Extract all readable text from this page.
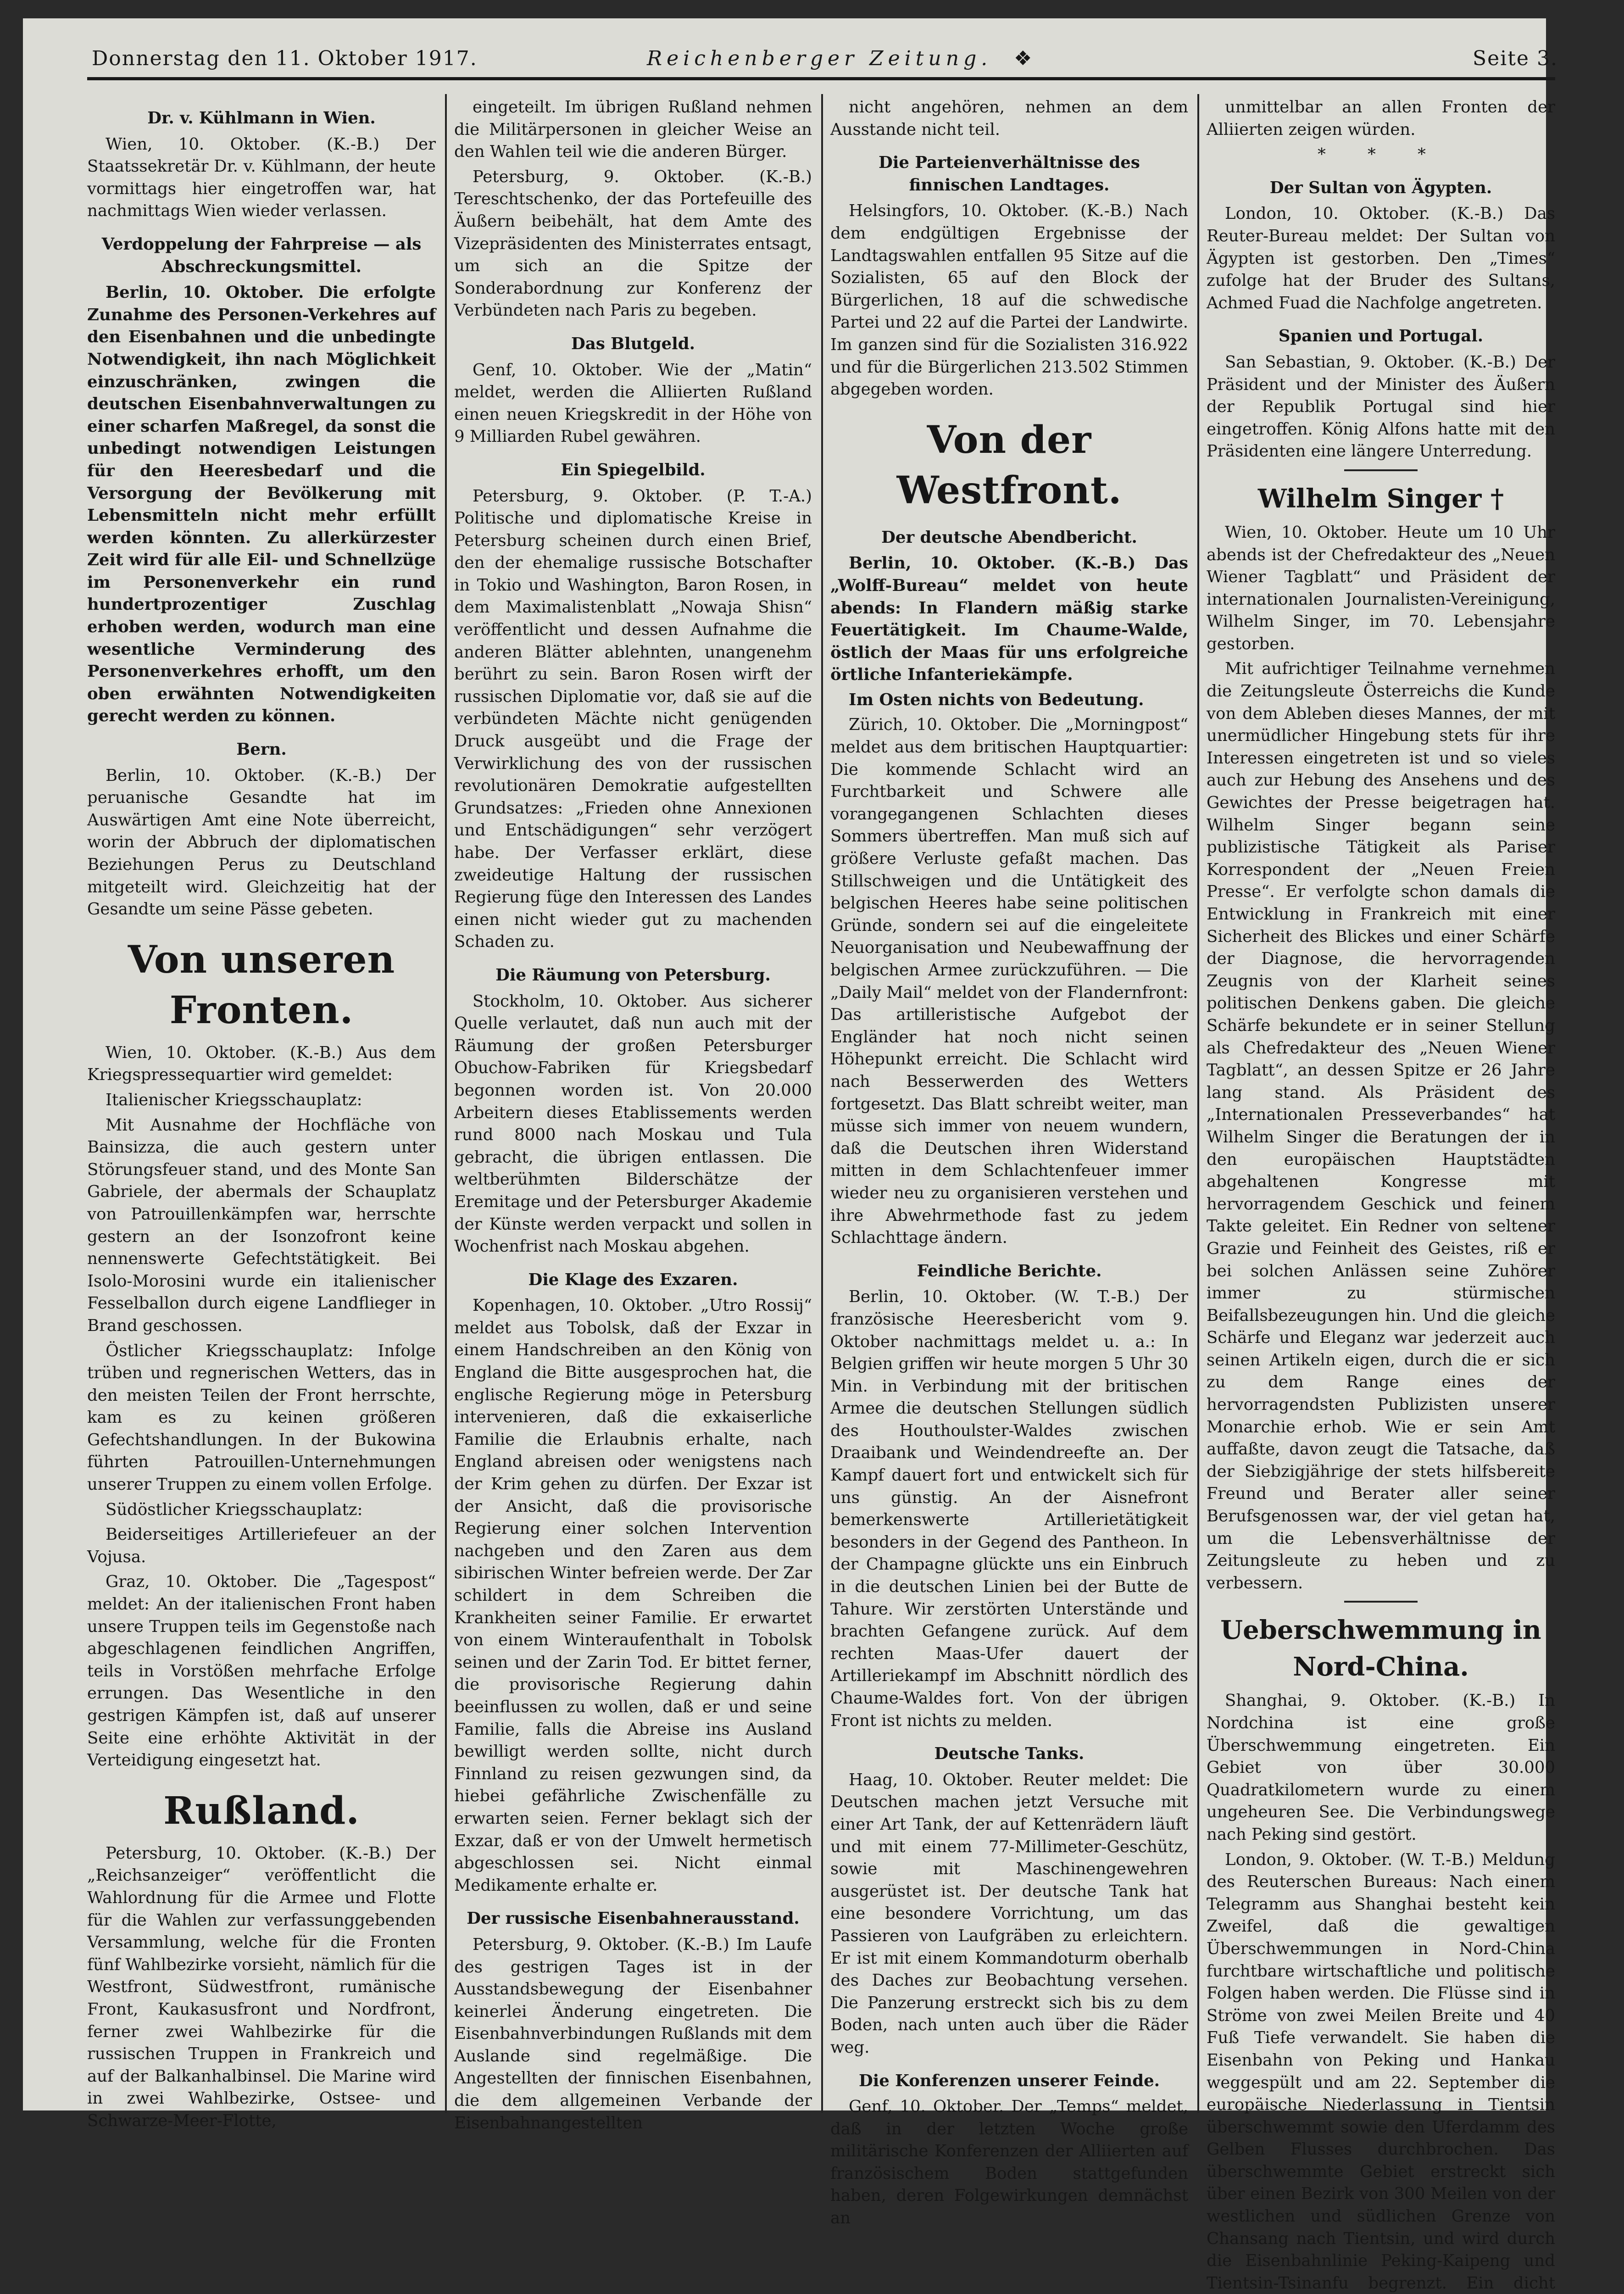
Donnerstag den 11. Oktober 1917.	Reichenberger Zeitung. ❖	Seite 3.
Dr. v. Kühlmann in Wien.

Wien, 10. Oktober. (K.-B.) Der Staatssekretär Dr. v. Kühlmann, der heute vormittags hier eingetroffen war, hat nachmittags Wien wieder verlassen.

Verdoppelung der Fahrpreise — als Abschreckungsmittel.

Berlin, 10. Oktober. Die erfolgte Zunahme des Personen-Verkehres auf den Eisenbahnen und die unbedingte Notwendigkeit, ihn nach Möglichkeit einzuschränken, zwingen die deutschen Eisenbahnverwaltungen zu einer scharfen Maßregel, da sonst die unbedingt notwendigen Leistungen für den Heeresbedarf und die Versorgung der Bevölkerung mit Lebensmitteln nicht mehr erfüllt werden könnten. Zu allerkürzester Zeit wird für alle Eil- und Schnellzüge im Personenverkehr ein rund hundertprozentiger Zuschlag erhoben werden, wodurch man eine wesentliche Verminderung des Personenverkehres erhofft, um den oben erwähnten Notwendigkeiten gerecht werden zu können.

Bern.

Berlin, 10. Oktober. (K.-B.) Der peruanische Gesandte hat im Auswärtigen Amt eine Note überreicht, worin der Abbruch der diplomatischen Beziehungen Perus zu Deutschland mitgeteilt wird. Gleichzeitig hat der Gesandte um seine Pässe gebeten.

Von unseren Fronten.

Wien, 10. Oktober. (K.-B.) Aus dem Kriegspressequartier wird gemeldet:

Italienischer Kriegsschauplatz:

Mit Ausnahme der Hochfläche von Bainsizza, die auch gestern unter Störungsfeuer stand, und des Monte San Gabriele, der abermals der Schauplatz von Patrouillenkämpfen war, herrschte gestern an der Isonzofront keine nennenswerte Gefechtstätigkeit. Bei Isolo-Morosini wurde ein italienischer Fesselballon durch eigene Landflieger in Brand geschossen.

Östlicher Kriegsschauplatz: Infolge trüben und regnerischen Wetters, das in den meisten Teilen der Front herrschte, kam es zu keinen größeren Gefechtshandlungen. In der Bukowina führten Patrouillen-Unternehmungen unserer Truppen zu einem vollen Erfolge.

Südöstlicher Kriegsschauplatz:

Beiderseitiges Artilleriefeuer an der Vojusa.

Graz, 10. Oktober. Die „Tagespost“ meldet: An der italienischen Front haben unsere Truppen teils im Gegenstoße nach abgeschlagenen feindlichen Angriffen, teils in Vorstößen mehrfache Erfolge errungen. Das Wesentliche in den gestrigen Kämpfen ist, daß auf unserer Seite eine erhöhte Aktivität in der Verteidigung eingesetzt hat.

Rußland.

Petersburg, 10. Oktober. (K.-B.) Der „Reichsanzeiger“ veröffentlicht die Wahlordnung für die Armee und Flotte für die Wahlen zur verfassunggebenden Versammlung, welche für die Fronten fünf Wahlbezirke vorsieht, nämlich für die Westfront, Südwestfront, rumänische Front, Kaukasusfront und Nordfront, ferner zwei Wahlbezirke für die russischen Truppen in Frankreich und auf der Balkanhalbinsel. Die Marine wird in zwei Wahlbezirke, Ostsee- und Schwarze-Meer-Flotte,

eingeteilt. Im übrigen Rußland nehmen die Militärpersonen in gleicher Weise an den Wahlen teil wie die anderen Bürger.

Petersburg, 9. Oktober. (K.-B.) Tereschtschenko, der das Portefeuille des Äußern beibehält, hat dem Amte des Vizepräsidenten des Ministerrates entsagt, um sich an die Spitze der Sonderabordnung zur Konferenz der Verbündeten nach Paris zu begeben.

Das Blutgeld.

Genf, 10. Oktober. Wie der „Matin“ meldet, werden die Alliierten Rußland einen neuen Kriegskredit in der Höhe von 9 Milliarden Rubel gewähren.

Ein Spiegelbild.

Petersburg, 9. Oktober. (P. T.-A.) Politische und diplomatische Kreise in Petersburg scheinen durch einen Brief, den der ehemalige russische Botschafter in Tokio und Washington, Baron Rosen, in dem Maximalistenblatt „Nowaja Shisn“ veröffentlicht und dessen Aufnahme die anderen Blätter ablehnten, unangenehm berührt zu sein. Baron Rosen wirft der russischen Diplomatie vor, daß sie auf die verbündeten Mächte nicht genügenden Druck ausgeübt und die Frage der Verwirklichung des von der russischen revolutionären Demokratie aufgestellten Grundsatzes: „Frieden ohne Annexionen und Entschädigungen“ sehr verzögert habe. Der Verfasser erklärt, diese zweideutige Haltung der russischen Regierung füge den Interessen des Landes einen nicht wieder gut zu machenden Schaden zu.

Die Räumung von Petersburg.

Stockholm, 10. Oktober. Aus sicherer Quelle verlautet, daß nun auch mit der Räumung der großen Petersburger Obuchow-Fabriken für Kriegsbedarf begonnen worden ist. Von 20.000 Arbeitern dieses Etablissements werden rund 8000 nach Moskau und Tula gebracht, die übrigen entlassen. Die weltberühmten Bilderschätze der Eremitage und der Petersburger Akademie der Künste werden verpackt und sollen in Wochenfrist nach Moskau abgehen.

Die Klage des Exzaren.

Kopenhagen, 10. Oktober. „Utro Rossij“ meldet aus Tobolsk, daß der Exzar in einem Handschreiben an den König von England die Bitte ausgesprochen hat, die englische Regierung möge in Petersburg intervenieren, daß die exkaiserliche Familie die Erlaubnis erhalte, nach England abreisen oder wenigstens nach der Krim gehen zu dürfen. Der Exzar ist der Ansicht, daß die provisorische Regierung einer solchen Intervention nachgeben und den Zaren aus dem sibirischen Winter befreien werde. Der Zar schildert in dem Schreiben die Krankheiten seiner Familie. Er erwartet von einem Winteraufenthalt in Tobolsk seinen und der Zarin Tod. Er bittet ferner, die provisorische Regierung dahin beeinflussen zu wollen, daß er und seine Familie, falls die Abreise ins Ausland bewilligt werden sollte, nicht durch Finnland zu reisen gezwungen sind, da hiebei gefährliche Zwischenfälle zu erwarten seien. Ferner beklagt sich der Exzar, daß er von der Umwelt hermetisch abgeschlossen sei. Nicht einmal Medikamente erhalte er.

Der russische Eisenbahnerausstand.

Petersburg, 9. Oktober. (K.-B.) Im Laufe des gestrigen Tages ist in der Ausstandsbewegung der Eisenbahner keinerlei Änderung eingetreten. Die Eisenbahnverbindungen Rußlands mit dem Auslande sind regelmäßige. Die Angestellten der finnischen Eisenbahnen, die dem allgemeinen Verbande der Eisenbahnangestellten

nicht angehören, nehmen an dem Ausstande nicht teil.

Die Parteienverhältnisse des finnischen Landtages.

Helsingfors, 10. Oktober. (K.-B.) Nach dem endgültigen Ergebnisse der Landtagswahlen entfallen 95 Sitze auf die Sozialisten, 65 auf den Block der Bürgerlichen, 18 auf die schwedische Partei und 22 auf die Partei der Landwirte. Im ganzen sind für die Sozialisten 316.922 und für die Bürgerlichen 213.502 Stimmen abgegeben worden.

Von der Westfront.
Der deutsche Abendbericht.

Berlin, 10. Oktober. (K.-B.) Das „Wolff-Bureau“ meldet von heute abends: In Flandern mäßig starke Feuertätigkeit. Im Chaume-Walde, östlich der Maas für uns erfolgreiche örtliche Infanteriekämpfe.

Im Osten nichts von Bedeutung.

Zürich, 10. Oktober. Die „Morningpost“ meldet aus dem britischen Hauptquartier: Die kommende Schlacht wird an Furchtbarkeit und Schwere alle vorangegangenen Schlachten dieses Sommers übertreffen. Man muß sich auf größere Verluste gefaßt machen. Das Stillschweigen und die Untätigkeit des belgischen Heeres habe seine politischen Gründe, sondern sei auf die eingeleitete Neuorganisation und Neubewaffnung der belgischen Armee zurückzuführen. — Die „Daily Mail“ meldet von der Flandernfront: Das artilleristische Aufgebot der Engländer hat noch nicht seinen Höhepunkt erreicht. Die Schlacht wird nach Besserwerden des Wetters fortgesetzt. Das Blatt schreibt weiter, man müsse sich immer von neuem wundern, daß die Deutschen ihren Widerstand mitten in dem Schlachtenfeuer immer wieder neu zu organisieren verstehen und ihre Abwehrmethode fast zu jedem Schlachttage ändern.

Feindliche Berichte.

Berlin, 10. Oktober. (W. T.-B.) Der französische Heeresbericht vom 9. Oktober nachmittags meldet u. a.: In Belgien griffen wir heute morgen 5 Uhr 30 Min. in Verbindung mit der britischen Armee die deutschen Stellungen südlich des Houthoulster-Waldes zwischen Draaibank und Weindendreefte an. Der Kampf dauert fort und entwickelt sich für uns günstig. An der Aisnefront bemerkenswerte Artillerietätigkeit besonders in der Gegend des Pantheon. In der Champagne glückte uns ein Einbruch in die deutschen Linien bei der Butte de Tahure. Wir zerstörten Unterstände und brachten Gefangene zurück. Auf dem rechten Maas-Ufer dauert der Artilleriekampf im Abschnitt nördlich des Chaume-Waldes fort. Von der übrigen Front ist nichts zu melden.

Deutsche Tanks.

Haag, 10. Oktober. Reuter meldet: Die Deutschen machen jetzt Versuche mit einer Art Tank, der auf Kettenrädern läuft und mit einem 77-Millimeter-Geschütz, sowie mit Maschinengewehren ausgerüstet ist. Der deutsche Tank hat eine besondere Vorrichtung, um das Passieren von Laufgräben zu erleichtern. Er ist mit einem Kommandoturm oberhalb des Daches zur Beobachtung versehen. Die Panzerung erstreckt sich bis zu dem Boden, nach unten auch über die Räder weg.

Die Konferenzen unserer Feinde.

Genf, 10. Oktober. Der „Temps“ meldet, daß in der letzten Woche große militärische Konferenzen der Alliierten auf französischem Boden stattgefunden haben, deren Folgewirkungen demnächst an

unmittelbar an allen Fronten der Alliierten zeigen würden.

* * *
Der Sultan von Ägypten.

London, 10. Oktober. (K.-B.) Das Reuter-Bureau meldet: Der Sultan von Ägypten ist gestorben. Den „Times“ zufolge hat der Bruder des Sultans, Achmed Fuad die Nachfolge angetreten.

Spanien und Portugal.

San Sebastian, 9. Oktober. (K.-B.) Der Präsident und der Minister des Äußern der Republik Portugal sind hier eingetroffen. König Alfons hatte mit den Präsidenten eine längere Unterredung.

Wilhelm Singer †

Wien, 10. Oktober. Heute um 10 Uhr abends ist der Chefredakteur des „Neuen Wiener Tagblatt“ und Präsident der internationalen Journalisten-Vereinigung, Wilhelm Singer, im 70. Lebensjahre gestorben.

Mit aufrichtiger Teilnahme vernehmen die Zeitungsleute Österreichs die Kunde von dem Ableben dieses Mannes, der mit unermüdlicher Hingebung stets für ihre Interessen eingetreten ist und so vieles auch zur Hebung des Ansehens und des Gewichtes der Presse beigetragen hat. Wilhelm Singer begann seine publizistische Tätigkeit als Pariser Korrespondent der „Neuen Freien Presse“. Er verfolgte schon damals die Entwicklung in Frankreich mit einer Sicherheit des Blickes und einer Schärfe der Diagnose, die hervorragenden Zeugnis von der Klarheit seines politischen Denkens gaben. Die gleiche Schärfe bekundete er in seiner Stellung als Chefredakteur des „Neuen Wiener Tagblatt“, an dessen Spitze er 26 Jahre lang stand. Als Präsident des „Internationalen Presseverbandes“ hat Wilhelm Singer die Beratungen der in den europäischen Hauptstädten abgehaltenen Kongresse mit hervorragendem Geschick und feinem Takte geleitet. Ein Redner von seltener Grazie und Feinheit des Geistes, riß er bei solchen Anlässen seine Zuhörer immer zu stürmischen Beifallsbezeugungen hin. Und die gleiche Schärfe und Eleganz war jederzeit auch seinen Artikeln eigen, durch die er sich zu dem Range eines der hervorragendsten Publizisten unserer Monarchie erhob. Wie er sein Amt auffaßte, davon zeugt die Tatsache, daß der Siebzigjährige der stets hilfsbereite Freund und Berater aller seiner Berufsgenossen war, der viel getan hat, um die Lebensverhältnisse der Zeitungsleute zu heben und zu verbessern.

Ueberschwemmung in Nord-China.

Shanghai, 9. Oktober. (K.-B.) In Nordchina ist eine große Überschwemmung eingetreten. Ein Gebiet von über 30.000 Quadratkilometern wurde zu einem ungeheuren See. Die Verbindungswege nach Peking sind gestört.

London, 9. Oktober. (W. T.-B.) Meldung des Reuterschen Bureaus: Nach einem Telegramm aus Shanghai besteht kein Zweifel, daß die gewaltigen Überschwemmungen in Nord-China furchtbare wirtschaftliche und politische Folgen haben werden. Die Flüsse sind in Ströme von zwei Meilen Breite und 40 Fuß Tiefe verwandelt. Sie haben die Eisenbahn von Peking und Hankau weggespült und am 22. September die europäische Niederlassung in Tientsin überschwemmt sowie den Uferdamm des Gelben Flusses durchbrochen. Das überschwemmte Gebiet erstreckt sich über einen Bezirk von 300 Meilen von der westlichen und südlichen Grenze von Chansang nach Tientsin, und wird durch die Eisenbahnlinie Peking-Kaipeng und Tientsin-Tsinanfu begrenzt. Ein dicht
